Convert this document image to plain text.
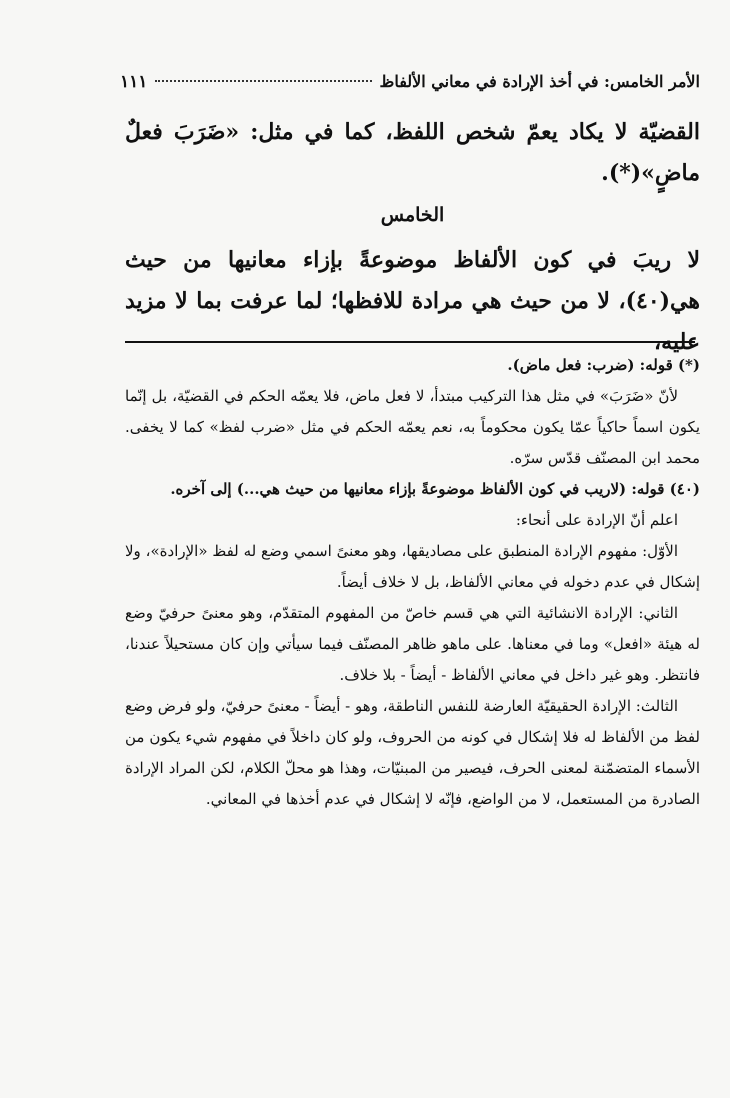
الأمر الخامس: في أخذ الإرادة في معاني الألفاظ
١١١

القضيّة لا يكاد يعمّ شخص اللفظ، كما في مثل: «ضَرَبَ فعلٌ ماضٍ»(*).

الخامس

لا ريبَ في كون الألفاظ موضوعةً بإزاء معانيها من حيث هي(٤٠)، لا من حيث هي مرادة للافظها؛ لما عرفت بما لا مزيد عليه،

(*) قوله: (ضرب: فعل ماض).

لأنّ «ضَرَبَ» في مثل هذا التركيب مبتدأ، لا فعل ماض، فلا يعمّه الحكم في القضيّة، بل إنّما يكون اسماً حاكياً عمّا يكون محكوماً به، نعم يعمّه الحكم في مثل «ضرب لفظ» كما لا يخفى. محمد ابن المصنّف قدّس سرّه.

(٤٠) قوله: (لاريب في كون الألفاظ موضوعةً بإزاء معانيها من حيث هي...) إلى آخره.

اعلم أنّ الإرادة على أنحاء:

الأوّل: مفهوم الإرادة المنطبق على مصاديقها، وهو معنىً اسمي وضع له لفظ «الإرادة»، ولا إشكال في عدم دخوله في معاني الألفاظ، بل لا خلاف أيضاً.

الثاني: الإرادة الانشائية التي هي قسم خاصّ من المفهوم المتقدّم، وهو معنىً حرفيّ وضع له هيئة «افعل» وما في معناها. على ماهو ظاهر المصنّف فيما سيأتي وإن كان مستحيلاً عندنا، فانتظر. وهو غير داخل في معاني الألفاظ - أيضاً - بلا خلاف.

الثالث: الإرادة الحقيقيّة العارضة للنفس الناطقة، وهو - أيضاً - معنىً حرفيّ، ولو فرض وضع لفظ من الألفاظ له فلا إشكال في كونه من الحروف، ولو كان داخلاً في مفهوم شيء يكون من الأسماء المتضمّنة لمعنى الحرف، فيصير من المبنيّات، وهذا هو محلّ الكلام، لكن المراد الإرادة الصادرة من المستعمل، لا من الواضع، فإنّه لا إشكال في عدم أخذها في المعاني.
